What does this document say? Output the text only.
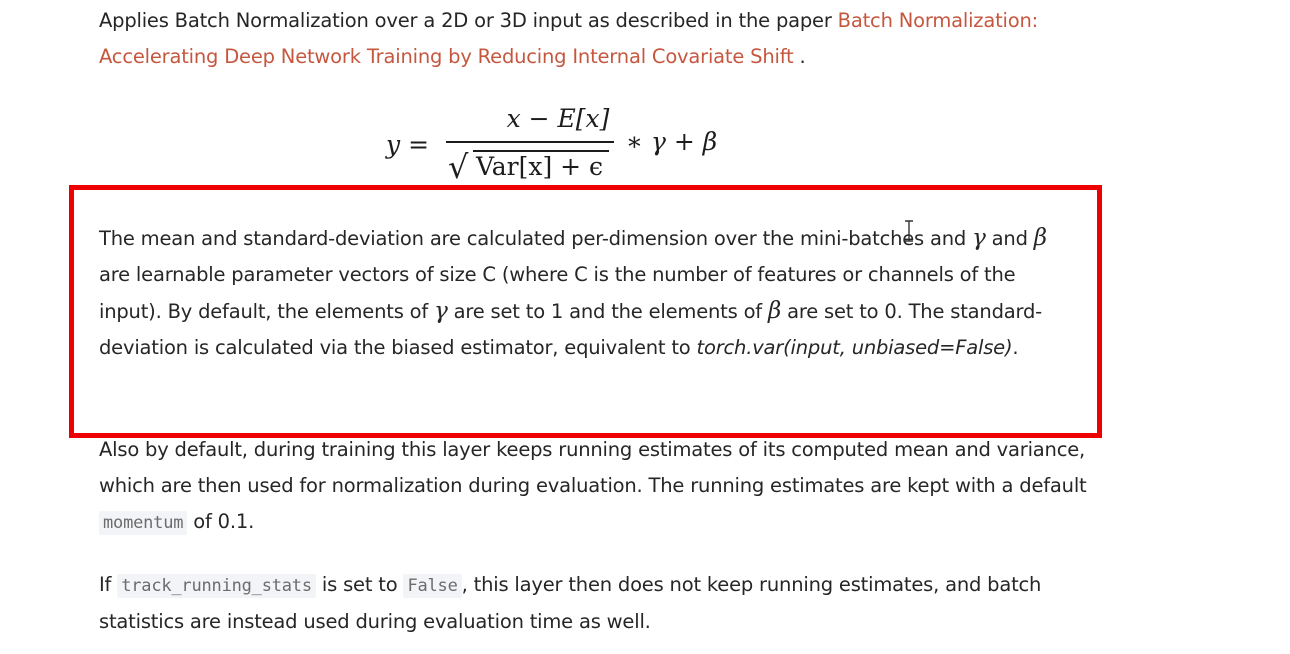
Applies Batch Normalization over a 2D or 3D input as described in the paper Batch Normalization: Accelerating Deep Network Training by Reducing Internal Covariate Shift .

y =
x − E[x]
√ Var[x] + ϵ
∗ γ + β

The mean and standard-deviation are calculated per-dimension over the mini-batches and γ and β are learnable parameter vectors of size C (where C is the number of features or channels of the input). By default, the elements of γ are set to 1 and the elements of β are set to 0. The standard-deviation is calculated via the biased estimator, equivalent to torch.var(input, unbiased=False).

Also by default, during training this layer keeps running estimates of its computed mean and variance, which are then used for normalization during evaluation. The running estimates are kept with a default momentum of 0.1.

If track_running_stats is set to False , this layer then does not keep running estimates, and batch statistics are instead used during evaluation time as well.
